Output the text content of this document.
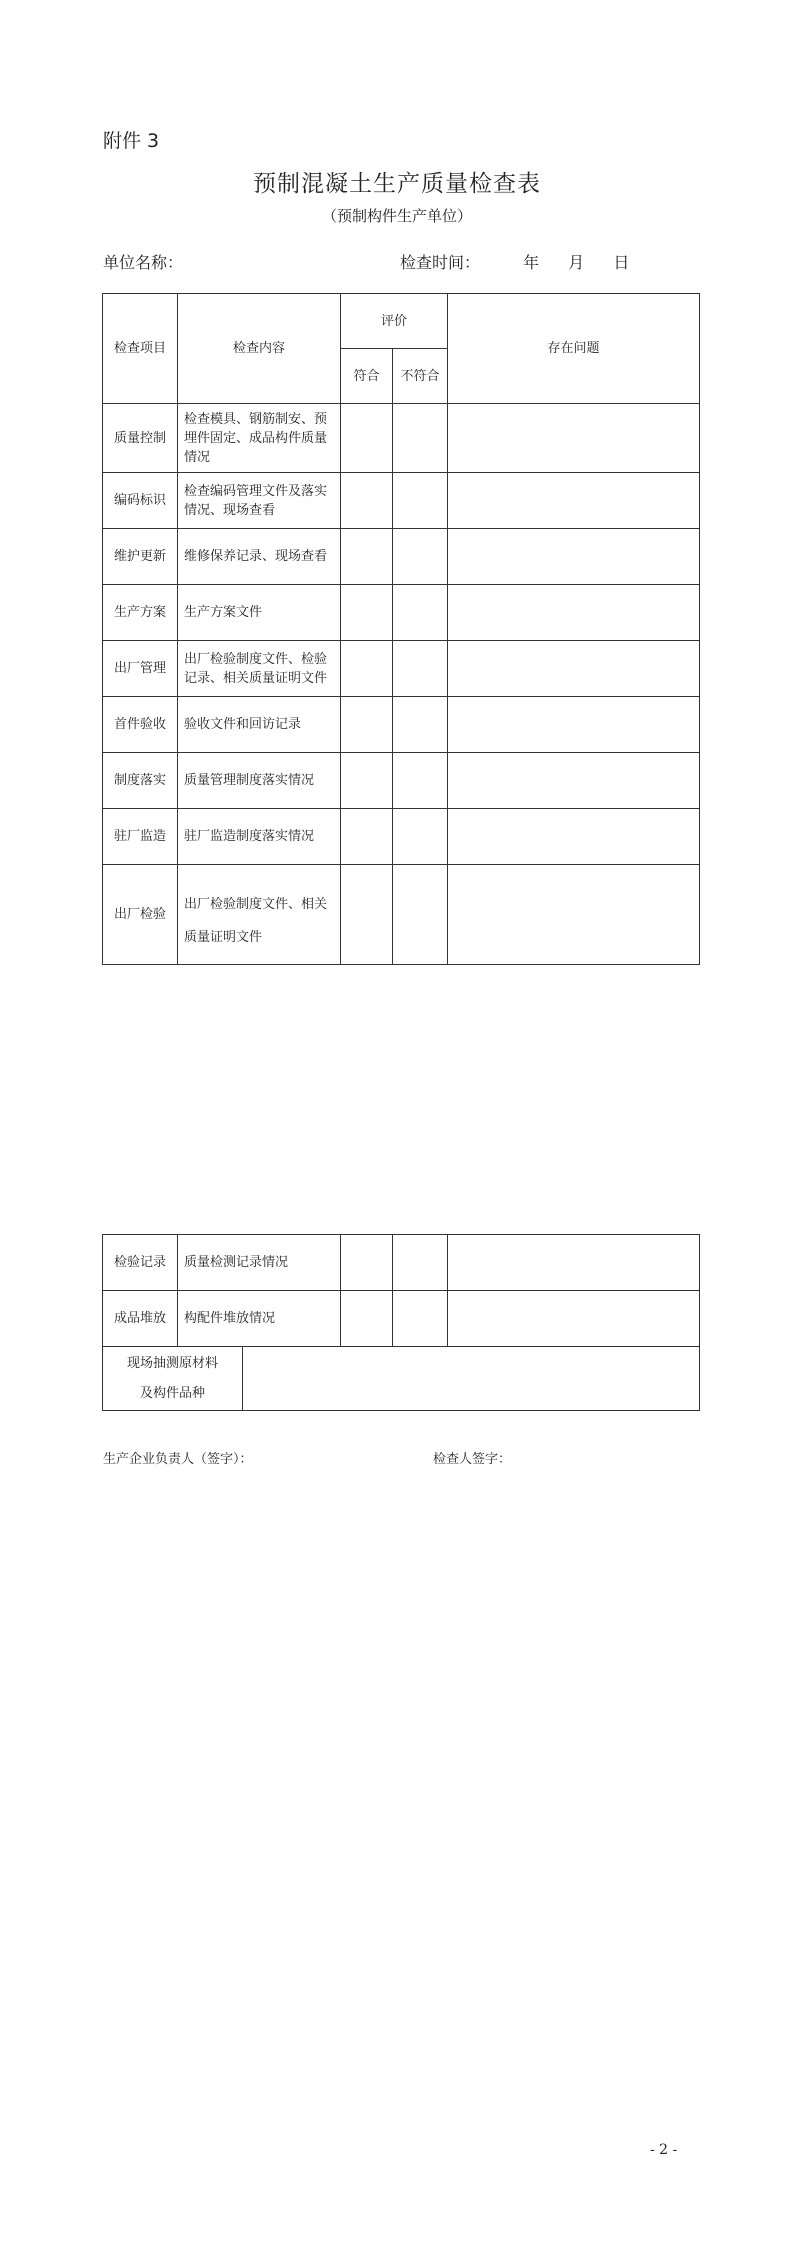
附件 3
预制混凝土生产质量检查表
（预制构件生产单位）
单位名称：	检查时间：	年 月 日
检查项目	检查内容	评价		存在问题
		符合	不符合	
质量控制	检查模具、钢筋制安、预埋件固定、成品构件质量情况			
编码标识	检查编码管理文件及落实情况、现场查看			
维护更新	维修保养记录、现场查看			
生产方案	生产方案文件			
出厂管理	出厂检验制度文件、检验记录、相关质量证明文件			
首件验收	验收文件和回访记录			
制度落实	质量管理制度落实情况			
驻厂监造	驻厂监造制度落实情况			
出厂检验	出厂检验制度文件、相关
质量证明文件			

检验记录	质量检测记录情况			
成品堆放	构配件堆放情况			
现场抽测原材料
及构件品种

生产企业负责人（签字）：	检查人签字：
- 2 -
